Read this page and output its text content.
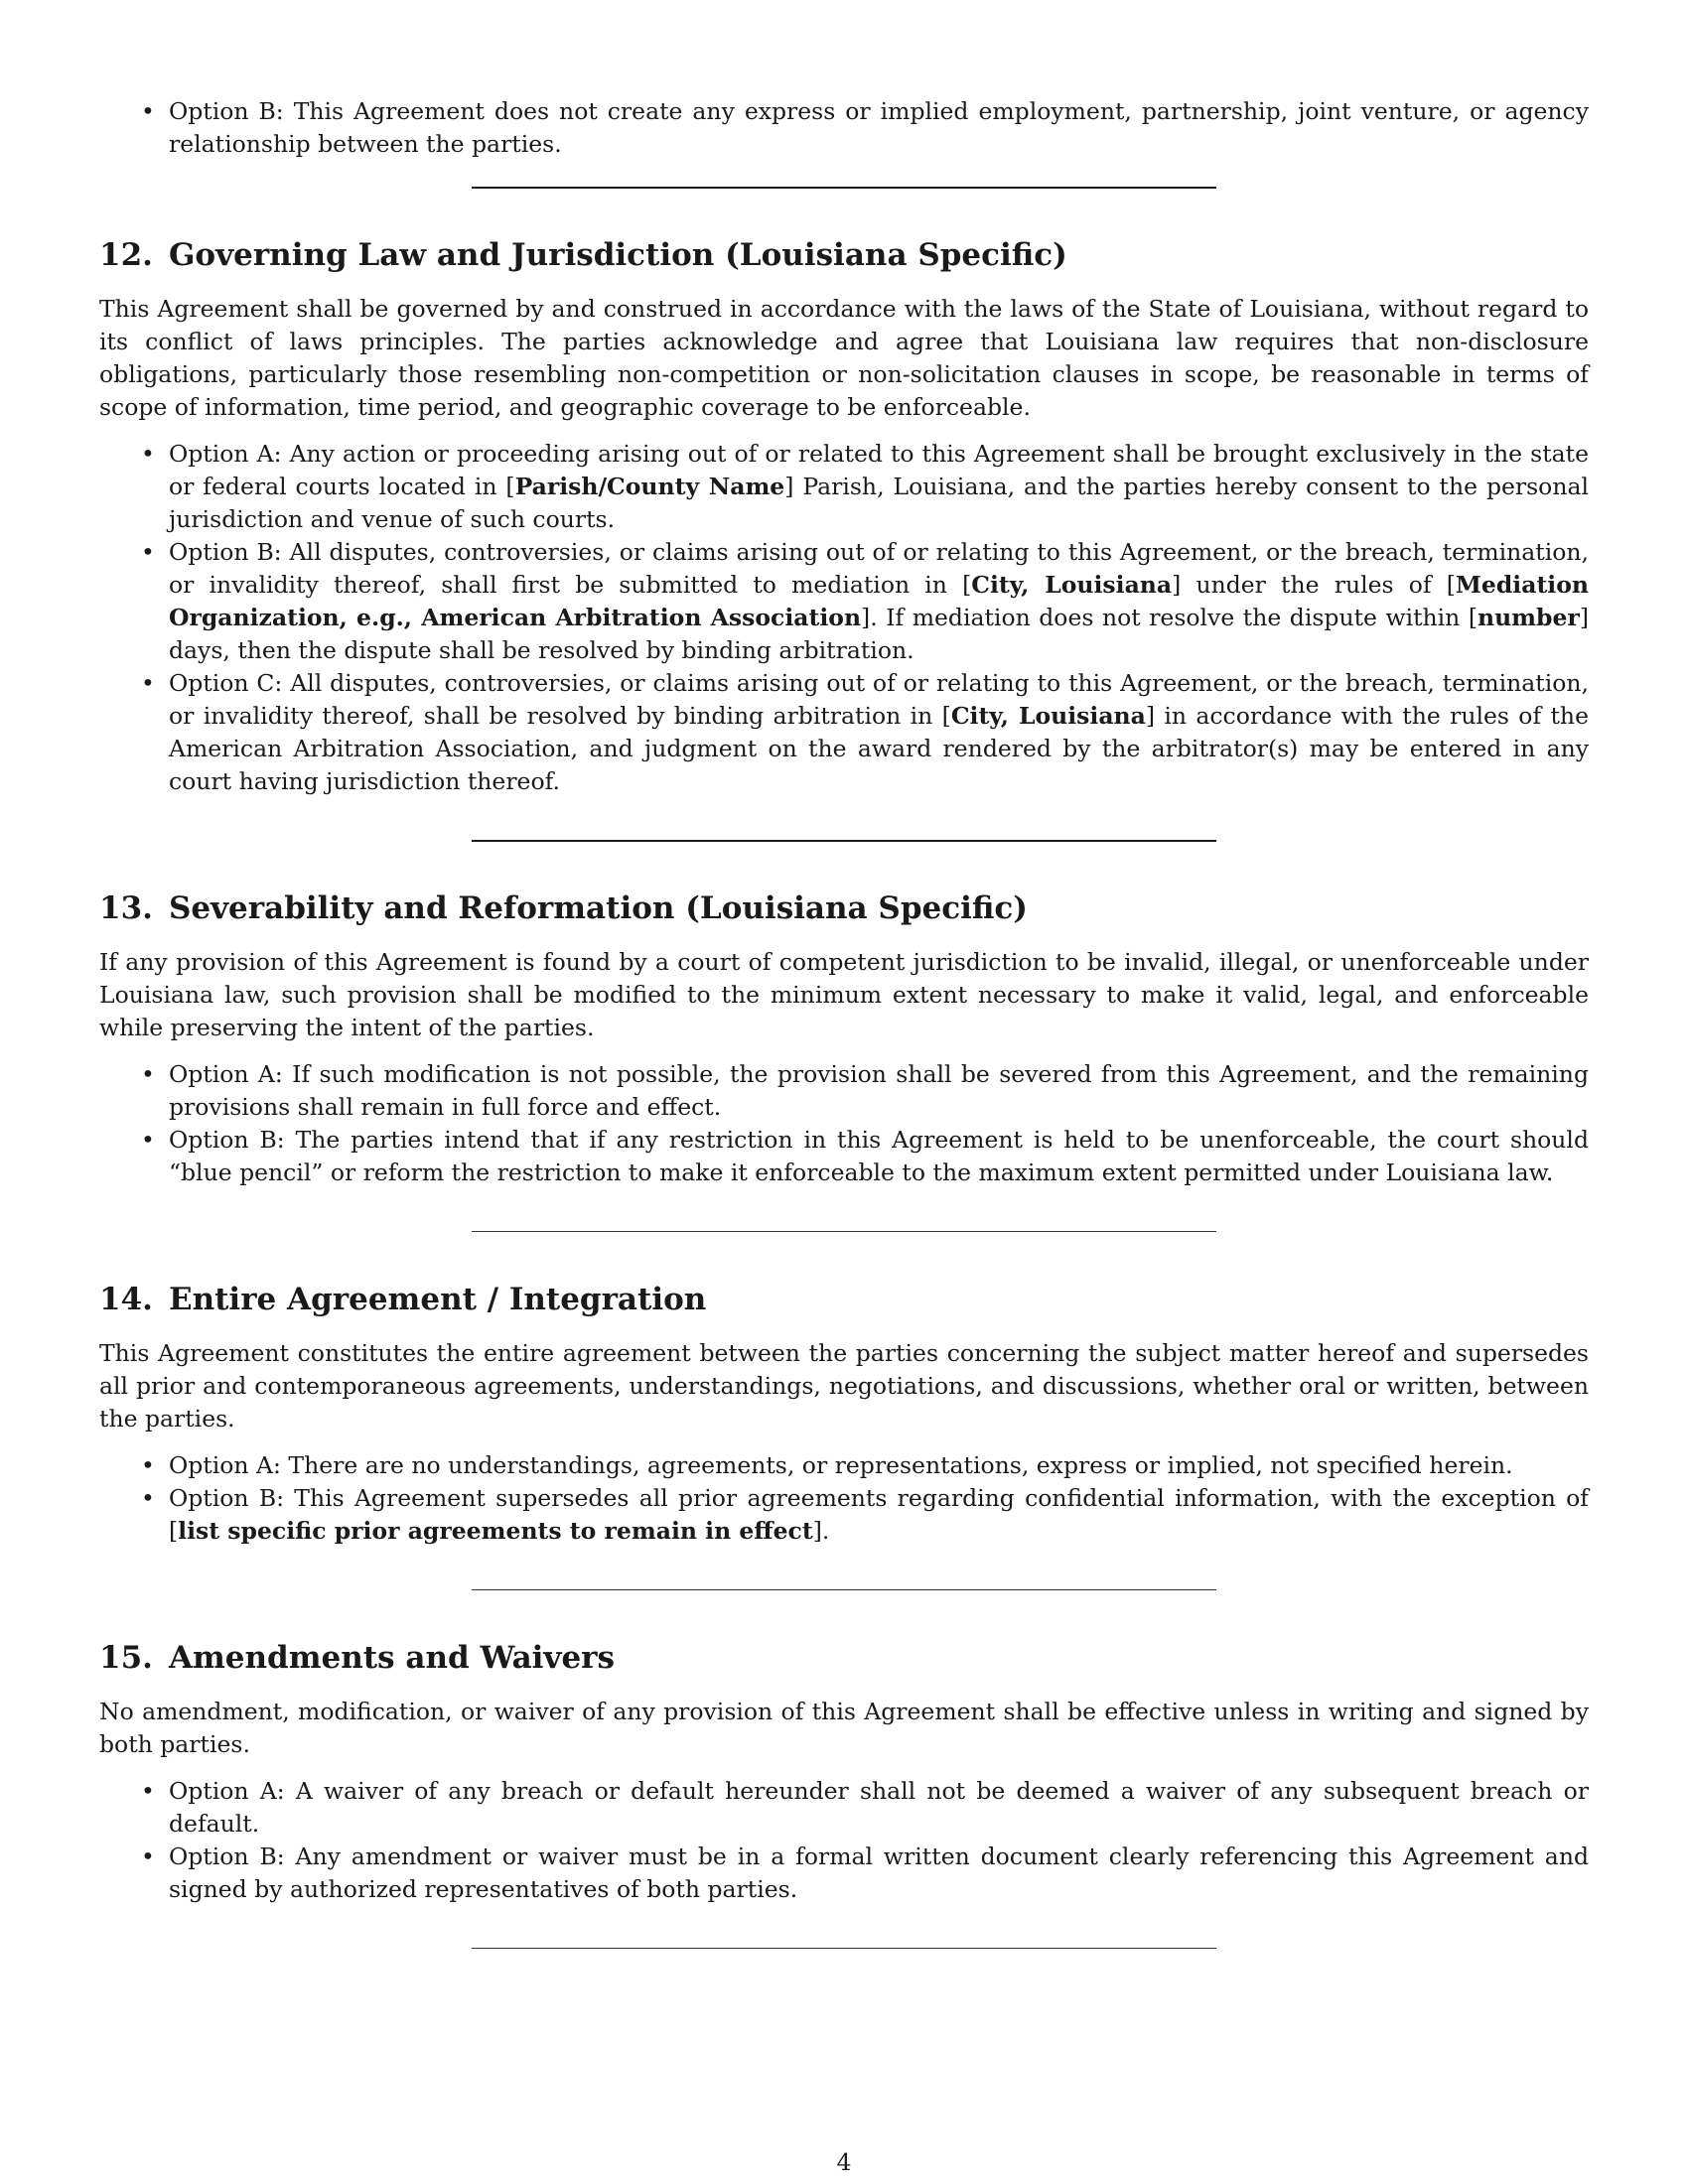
• Option B: This Agreement does not create any express or implied employment, partnership, joint venture, or agency relationship between the parties.
12. Governing Law and Jurisdiction (Louisiana Specific)

This Agreement shall be governed by and construed in accordance with the laws of the State of Louisiana, without regard to its conflict of laws principles. The parties acknowledge and agree that Louisiana law requires that non-disclosure obligations, particularly those resembling non-competition or non-solicitation clauses in scope, be reasonable in terms of scope of information, time period, and geographic coverage to be enforceable.

• Option A: Any action or proceeding arising out of or related to this Agreement shall be brought exclusively in the state or federal courts located in [Parish/County Name] Parish, Louisiana, and the parties hereby consent to the personal jurisdiction and venue of such courts.
• Option B: All disputes, controversies, or claims arising out of or relating to this Agreement, or the breach, termination, or invalidity thereof, shall first be submitted to mediation in [City, Louisiana] under the rules of [Mediation Organization, e.g., American Arbitration Association]. If mediation does not resolve the dispute within [number] days, then the dispute shall be resolved by binding arbitration.
• Option C: All disputes, controversies, or claims arising out of or relating to this Agreement, or the breach, termination, or invalidity thereof, shall be resolved by binding arbitration in [City, Louisiana] in accordance with the rules of the American Arbitration Association, and judgment on the award rendered by the arbitrator(s) may be entered in any court having jurisdiction thereof.
13. Severability and Reformation (Louisiana Specific)

If any provision of this Agreement is found by a court of competent jurisdiction to be invalid, illegal, or unenforceable under Louisiana law, such provision shall be modified to the minimum extent necessary to make it valid, legal, and enforceable while preserving the intent of the parties.

• Option A: If such modification is not possible, the provision shall be severed from this Agreement, and the remaining provisions shall remain in full force and effect.
• Option B: The parties intend that if any restriction in this Agreement is held to be unenforceable, the court should “blue pencil” or reform the restriction to make it enforceable to the maximum extent permitted under Louisiana law.
14. Entire Agreement / Integration

This Agreement constitutes the entire agreement between the parties concerning the subject matter hereof and supersedes all prior and contemporaneous agreements, understandings, negotiations, and discussions, whether oral or written, between the parties.

• Option A: There are no understandings, agreements, or representations, express or implied, not specified herein.
• Option B: This Agreement supersedes all prior agreements regarding confidential information, with the exception of [list specific prior agreements to remain in effect].
15. Amendments and Waivers

No amendment, modification, or waiver of any provision of this Agreement shall be effective unless in writing and signed by both parties.

• Option A: A waiver of any breach or default hereunder shall not be deemed a waiver of any subsequent breach or default.
• Option B: Any amendment or waiver must be in a formal written document clearly referencing this Agreement and signed by authorized representatives of both parties.
4
